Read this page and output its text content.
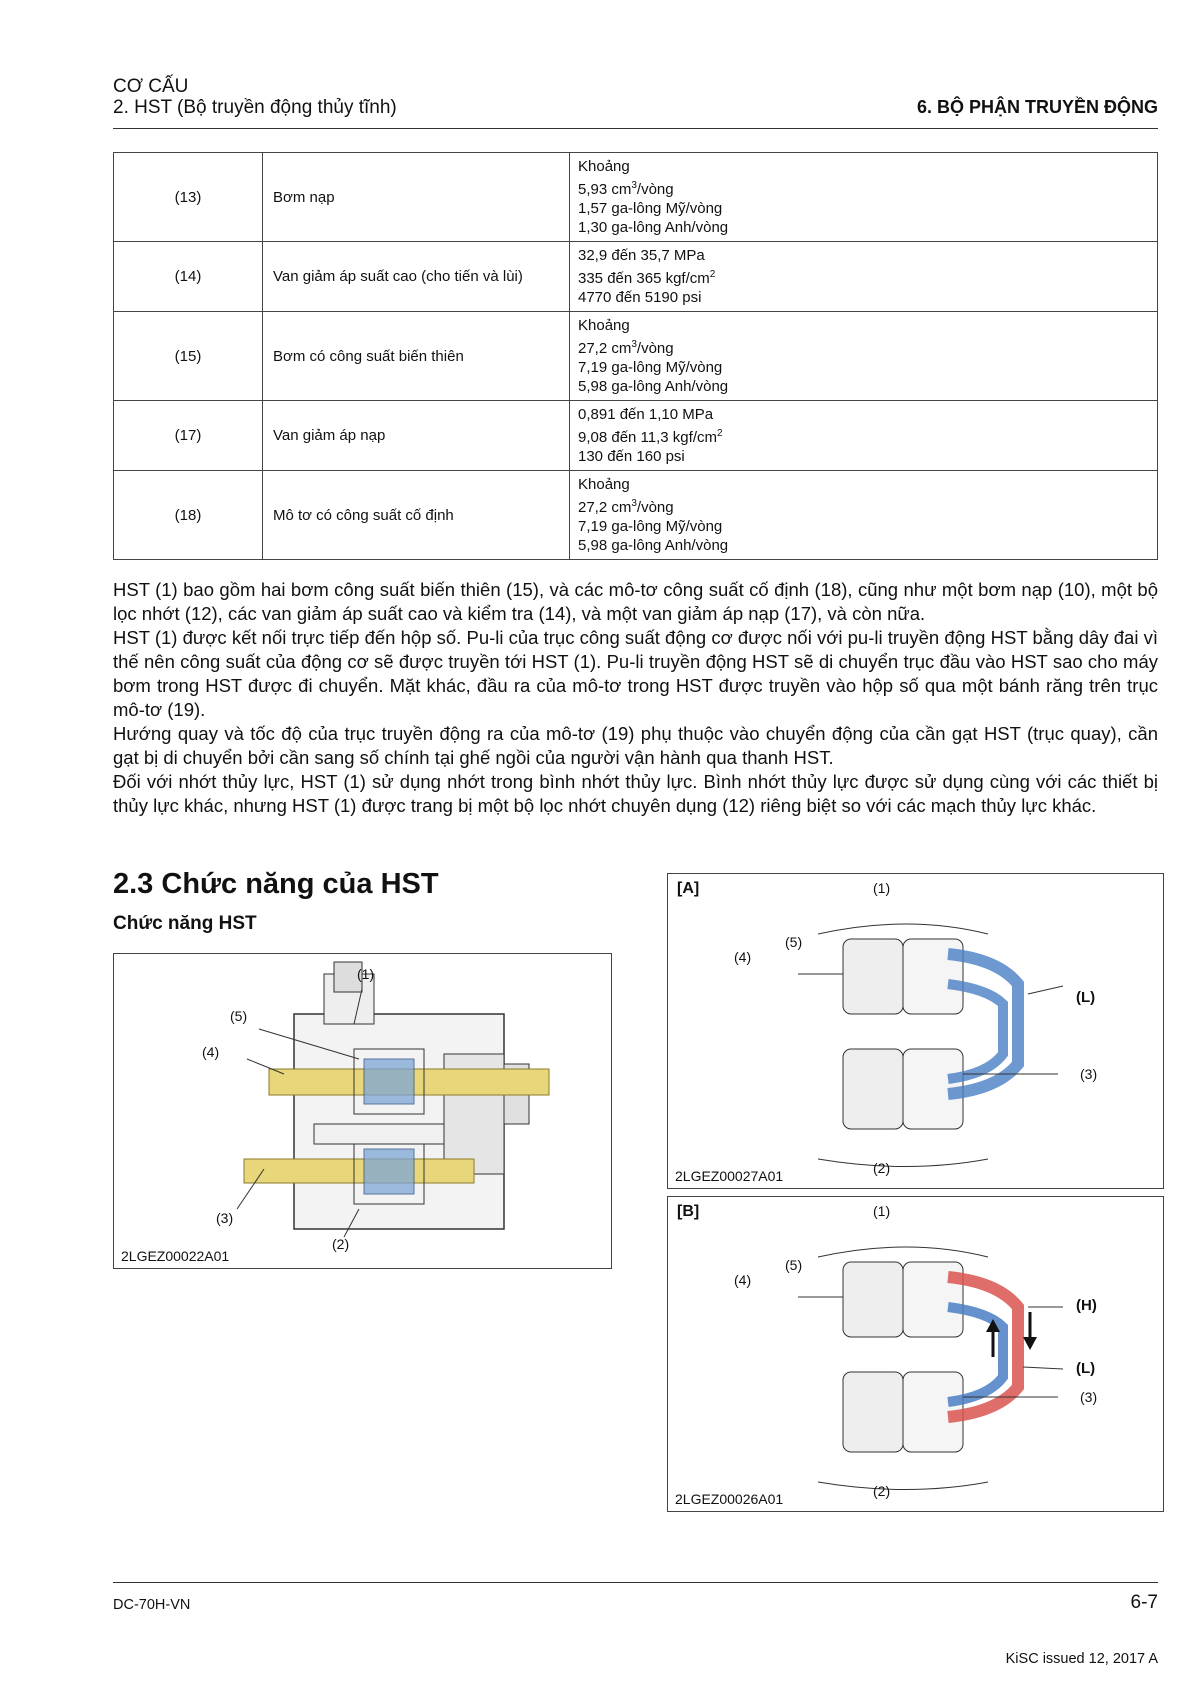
CƠ CẤU
2. HST (Bộ truyền động thủy tĩnh)	6. BỘ PHẬN TRUYỀN ĐỘNG
(13)	Bơm nạp	Khoảng
5,93 $cm^3$/vòng
1,57 ga-lông Mỹ/vòng
1,30 ga-lông Anh/vòng

(14)	Van giảm áp suất cao (cho tiến và lùi)	32,9 đến 35,7 MPa
335 đến 365 kgf/$cm^2$
4770 đến 5190 psi

(15)	Bơm có công suất biến thiên	Khoảng
27,2 $cm^3$/vòng
7,19 ga-lông Mỹ/vòng
5,98 ga-lông Anh/vòng

(17)	Van giảm áp nạp	0,891 đến 1,10 MPa
9,08 đến 11,3 kgf/$cm^2$
130 đến 160 psi

(18)	Mô tơ có công suất cố định	Khoảng
27,2 $cm^3$/vòng
7,19 ga-lông Mỹ/vòng
5,98 ga-lông Anh/vòng
HST (1) bao gồm hai bơm công suất biến thiên (15), và các mô-tơ công suất cố định (18), cũng như một bơm nạp (10), một bộ lọc nhớt (12), các van giảm áp suất cao và kiểm tra (14), và một van giảm áp nạp (17), và còn nữa.
HST (1) được kết nối trực tiếp đến hộp số. Pu-li của trục công suất động cơ được nối với pu-li truyền động HST bằng dây đai vì thế nên công suất của động cơ sẽ được truyền tới HST (1). Pu-li truyền động HST sẽ di chuyển trục đầu vào HST sao cho máy bơm trong HST được đi chuyển. Mặt khác, đầu ra của mô-tơ trong HST được truyền vào hộp số qua một bánh răng trên trục mô-tơ (19).
Hướng quay và tốc độ của trục truyền động ra của mô-tơ (19) phụ thuộc vào chuyển động của cần gạt HST (trục quay), cần gạt bị di chuyển bởi cần sang số chính tại ghế ngồi của người vận hành qua thanh HST.
Đối với nhớt thủy lực, HST (1) sử dụng nhớt trong bình nhớt thủy lực. Bình nhớt thủy lực được sử dụng cùng với các thiết bị thủy lực khác, nhưng HST (1) được trang bị một bộ lọc nhớt chuyên dụng (12) riêng biệt so với các mạch thủy lực khác.
2.3 Chức năng của HST
Chức năng HST
(1)
(5)
(4)
(3)
(2)
2LGEZ00022A01
[A]	(1)
(5)
(4)
(L)
(3)
(2)
2LGEZ00027A01
[B]	(1)
(5)
(4)
(H)
(L)
(3)
(2)
2LGEZ00026A01
DC-70H-VN	6-7
KiSC issued 12, 2017 A
